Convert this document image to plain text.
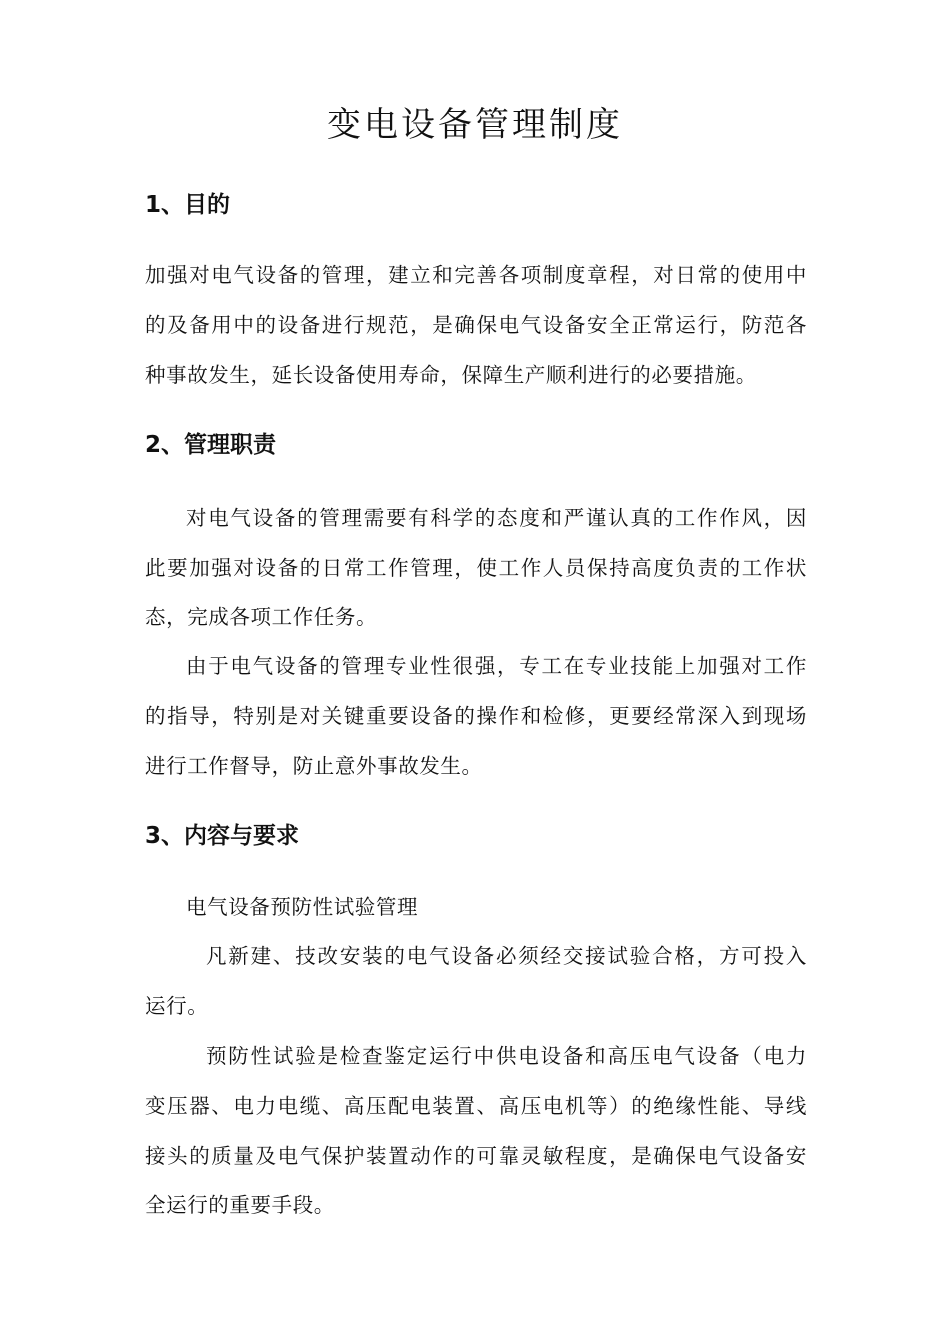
变电设备管理制度
1、目的
加强对电气设备的管理，建立和完善各项制度章程，对日常的使用中
的及备用中的设备进行规范，是确保电气设备安全正常运行，防范各
种事故发生，延长设备使用寿命，保障生产顺利进行的必要措施。
2、管理职责
对电气设备的管理需要有科学的态度和严谨认真的工作作风，因
此要加强对设备的日常工作管理，使工作人员保持高度负责的工作状
态，完成各项工作任务。
由于电气设备的管理专业性很强，专工在专业技能上加强对工作
的指导，特别是对关键重要设备的操作和检修，更要经常深入到现场
进行工作督导，防止意外事故发生。
3、内容与要求
电气设备预防性试验管理
凡新建、技改安装的电气设备必须经交接试验合格，方可投入
运行。
预防性试验是检查鉴定运行中供电设备和高压电气设备（电力
变压器、电力电缆、高压配电装置、高压电机等）的绝缘性能、导线
接头的质量及电气保护装置动作的可靠灵敏程度，是确保电气设备安
全运行的重要手段。
